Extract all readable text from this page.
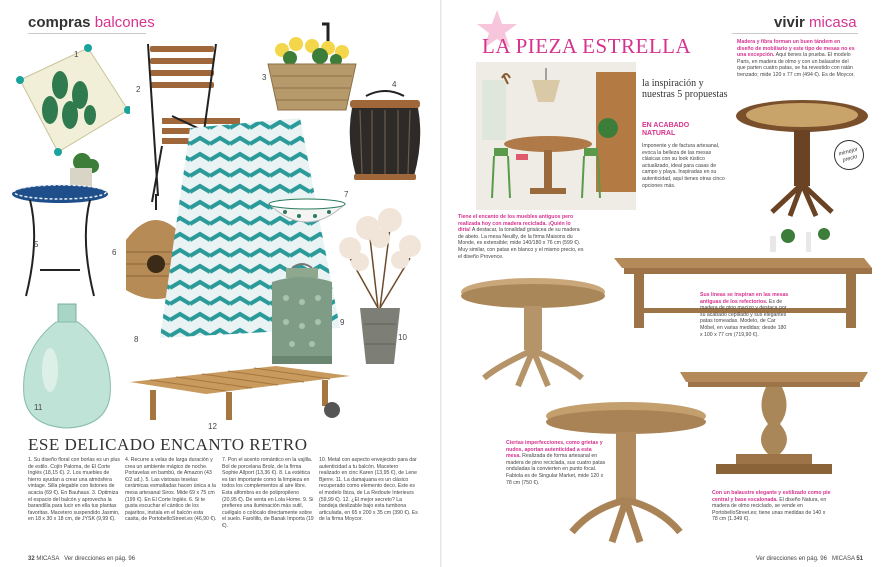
compras balcones
1
2
3
4
5
6
7
8
9
10
11
12
ESE DELICADO ENCANTO RETRO
1. Su diseño floral con borlas es un plus de estilo. Cojín Paloma, de El Corte Inglés (18,15 €). 2. Los muebles de hierro ayudan a crear una atmósfera vintage. Silla plegable con listones de acacia (69 €). En Bauhaus. 3. Optimiza el espacio del balcón y aprovecha la barandilla para lucir en ella tus plantas favoritas. Macetero suspendido Jasmin, en 18 x 30 x 18 cm, de JYSK (9,99 €).
4. Recurre a velas de larga duración y crea un ambiente mágico de noche. Portavelas en bambú, de Amazon (43 €/2 ud.). 5. Las vistosas teselas cerámicas esmaltadas hacen única a la mesa artesanal Siros. Mide 69 x 75 cm (199 €). En El Corte Inglés. 6. Si te gusta escuchar el cántico de los pajaritos, instala en el balcón esta casita, de PortobelloStreet.es (46,90 €).
7. Pon el acento romántico en la vajilla. Bol de porcelana Brolz, de la firma Sophie Allport (13,36 €). 8. La estética es tan importante como la limpieza en todos los complementos al aire libre. Esta alfombra es de polipropileno (20,95 €). De venta en Lola Home. 9. Si prefieres una iluminación más sutil, cuélgalo o colócalo directamente sobre el suelo. Farolillo, de Banak Importa (19 €).
10. Metal con aspecto envejecido para dar autenticidad a tu balcón. Macetero realizado en cinc Karen (13,95 €), de Lene Bjerre. 11. La damajuana es un clásico recuperado como elemento deco. Este es el modelo Ibiza, de La Redoute Interieurs (59,99 €). 12. ¿El mejor secreto? La bandeja deslizable bajo esta tumbona articulada, en 65 x 200 x 35 cm (390 €). Es de la firma Moycor.
32 MICASA Ver direcciones en pág. 96
vivir micasa
LA PIEZA ESTRELLA
la inspiración y nuestras 5 propuestas
EN ACABADO NATURAL
Imponente y de factura artesanal, evoca la belleza de las mesas clásicas con su look rústico actualizado, ideal para casas de campo y playa. Inspiradas en su autenticidad, aquí tienes otras cinco opciones más.
Madera y fibra forman un buen tándem en diseño de mobiliario y este tipo de mesas no es una excepción. Aquí tienes la prueba. El modelo Paris, en madera de olmo y con un balaustre del que parten cuatro patas, se ha revestido con ratán trenzado; mide 120 x 77 cm (494 €). Es de Moycor.
mimejor precio
Tiene el encanto de los muebles antiguos pero realizada hoy con madera reciclada. ¡Quién lo diría! A destacar, la tonalidad grisácea de su madera de abeto. La mesa Neuilly, de la firma Maisons du Monde, es extensible; mide 140/180 x 76 cm (599 €). Muy similar, con patas en blanco y el mismo precio, es el diseño Provence.
Sus líneas se inspiran en las mesas antiguas de los refectorios. Es de madera de pino macizo y destaca por su acabado cepillado y sus elegantes patas torneadas. Modelo, de Car Möbel, en varias medidas; desde 180 x 100 x 77 cm (719,90 €).
Ciertas imperfecciones, como grietas y nudos, aportan autenticidad a esta mesa. Realizada de forma artesanal en madera de pino reciclada, sus cuatro patas onduladas la convierten en punto focal. Fabiola es de Singular Market, mide 120 x 78 cm (750 €).
Con un balaustre elegante y estilizado como pie central y base escalonada. El diseño Natura, en madera de olmo reciclado, se vende en PortobelloStreet.es; tiene unas medidas de 140 x 78 cm (1.349 €).
Ver direcciones en pág. 96 MICASA 51
